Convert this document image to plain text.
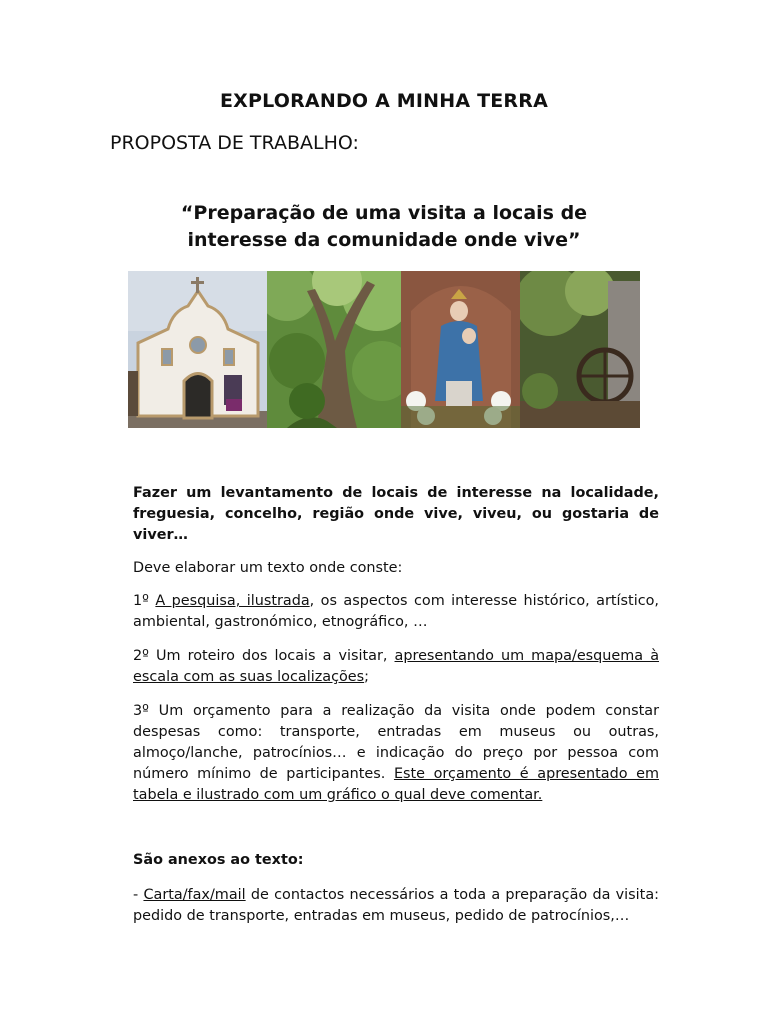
EXPLORANDO A MINHA TERRA
PROPOSTA DE TRABALHO:
“Preparação de uma visita a locais de
interesse da comunidade onde vive”
Fazer um levantamento de locais de interesse na localidade, freguesia, concelho, região onde vive, viveu, ou gostaria de viver…
Deve elaborar um texto onde conste:
1º A pesquisa, ilustrada, os aspectos com interesse histórico, artístico, ambiental, gastronómico, etnográfico, …
2º Um roteiro dos locais a visitar, apresentando um mapa/esquema à escala com as suas localizações;
3º Um orçamento para a realização da visita onde podem constar despesas como: transporte, entradas em museus ou outras, almoço/lanche, patrocínios… e indicação do preço por pessoa com número mínimo de participantes. Este orçamento é apresentado em tabela e ilustrado com um gráfico o qual deve comentar.
São anexos ao texto:
- Carta/fax/mail de contactos necessários a toda a preparação da visita: pedido de transporte, entradas em museus, pedido de patrocínios,…
